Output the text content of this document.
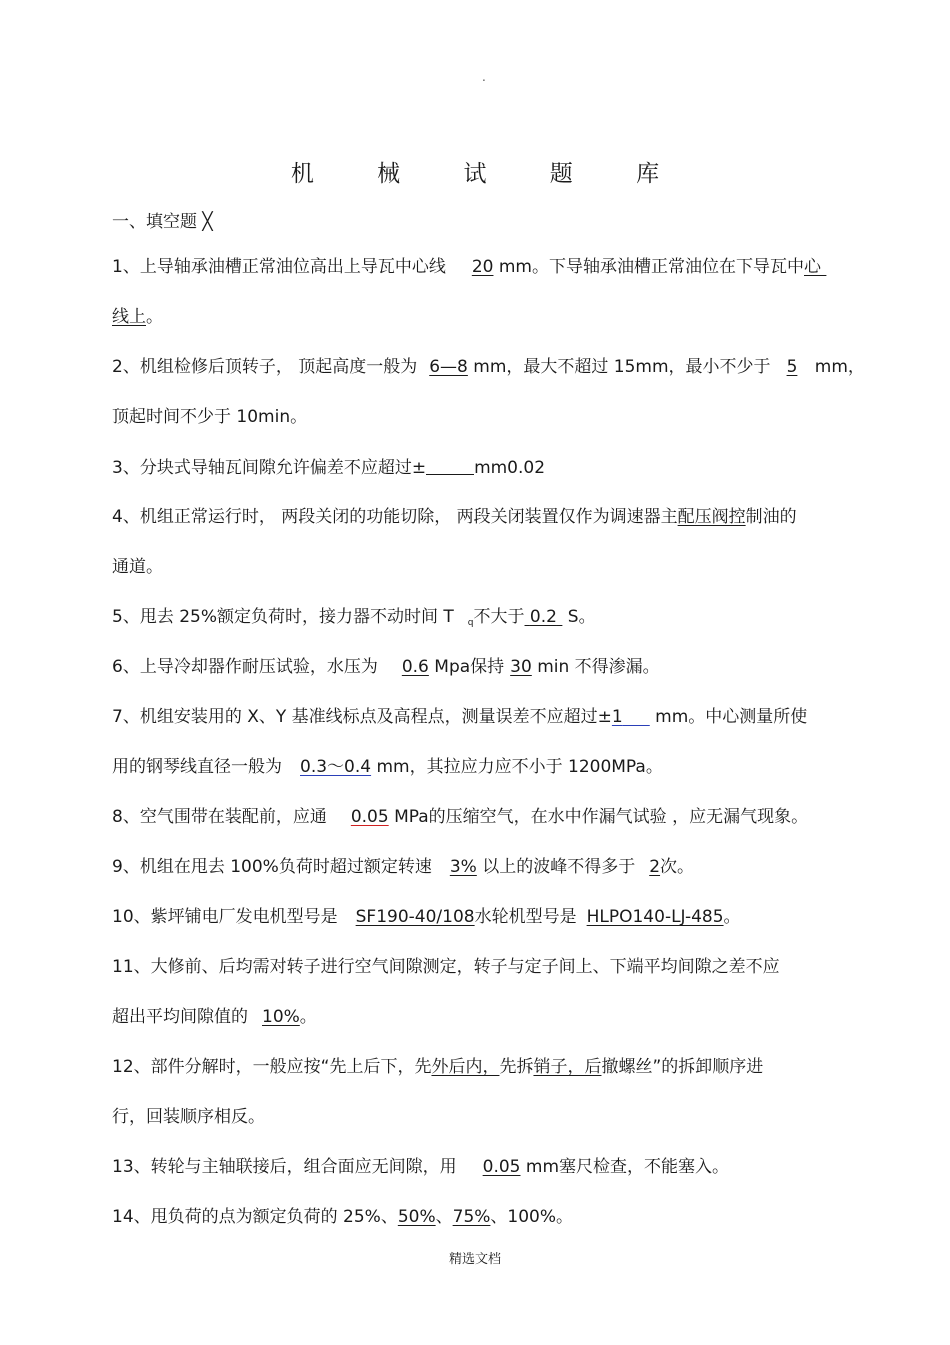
.
机 械 试 题 库
一、填空题 ╳
1、上导轴承油槽正常油位高出上导瓦中心线 20 mm。下导轴承油槽正常油位在下导瓦中心
线上。
2、机组检修后顶转子， 顶起高度一般为 6—8 mm，最大不超过 15mm，最小不少于 5 mm，
顶起时间不少于 10min。
3、分块式导轴瓦间隙允许偏差不应超过±	mm0.02
4、机组正常运行时， 两段关闭的功能切除， 两段关闭装置仅作为调速器主配压阀控制油的
通道。
5、甩去 25%额定负荷时，接力器不动时间 T $_q$不大于 0.2  S。
6、上导冷却器作耐压试验，水压为 0.6 Mpa保持 30 min 不得渗漏。
7、机组安装用的 X、Y 基准线标点及高程点，测量误差不应超过±1      mm。中心测量所使
用的钢琴线直径一般为 0.3～0.4 mm，其拉应力应不小于 1200MPa。
8、空气围带在装配前，应通 0.05 MPa的压缩空气，在水中作漏气试验 ，应无漏气现象。
9、机组在甩去 100%负荷时超过额定转速 3% 以上的波峰不得多于 2次。
10、紫坪铺电厂发电机型号是 SF190-40/108水轮机型号是 HLPO140-LJ-485。
11、大修前、后均需对转子进行空气间隙测定，转子与定子间上、下端平均间隙之差不应
超出平均间隙值的 10%。
12、部件分解时，一般应按“先上后下，先外后内，先拆销子，后撤螺丝”的拆卸顺序进
行，回装顺序相反。
13、转轮与主轴联接后，组合面应无间隙，用 0.05 mm塞尺检查，不能塞入。
14、甩负荷的点为额定负荷的 25%、50%、75%、100%。
精选文档
